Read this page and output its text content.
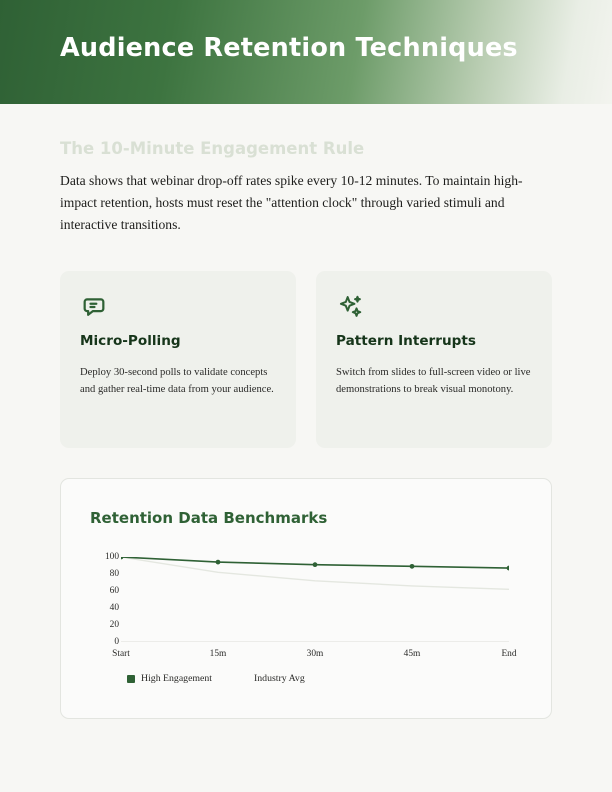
Audience Retention Techniques
The 10-Minute Engagement Rule
Data shows that webinar drop-off rates spike every 10-12 minutes. To maintain high-impact retention, hosts must reset the "attention clock" through varied stimuli and interactive transitions.
Micro-Polling
Deploy 30-second polls to validate concepts and gather real-time data from your audience.
Pattern Interrupts
Switch from slides to full-screen video or live demonstrations to break visual monotony.
Retention Data Benchmarks
100
80
60
40
20
0
Start	15m	30m	45m	End
High Engagement	Industry Avg
